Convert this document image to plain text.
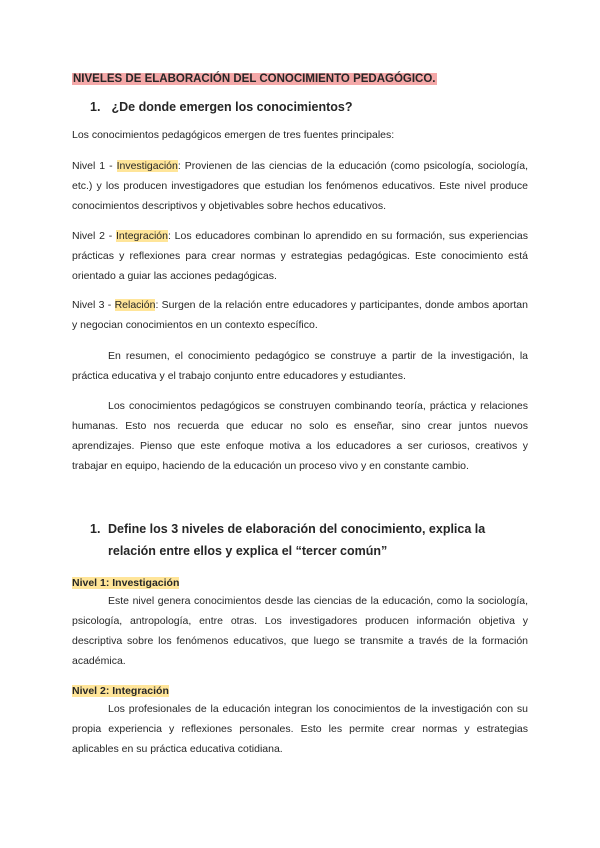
NIVELES DE ELABORACIÓN DEL CONOCIMIENTO PEDAGÓGICO.
1. ¿De donde emergen los conocimientos?
Los conocimientos pedagógicos emergen de tres fuentes principales:
Nivel 1 - Investigación: Provienen de las ciencias de la educación (como psicología, sociología, etc.) y los producen investigadores que estudian los fenómenos educativos. Este nivel produce conocimientos descriptivos y objetivables sobre hechos educativos.
Nivel 2 - Integración: Los educadores combinan lo aprendido en su formación, sus experiencias prácticas y reflexiones para crear normas y estrategias pedagógicas. Este conocimiento está orientado a guiar las acciones pedagógicas.
Nivel 3 - Relación: Surgen de la relación entre educadores y participantes, donde ambos aportan y negocian conocimientos en un contexto específico.
En resumen, el conocimiento pedagógico se construye a partir de la investigación, la práctica educativa y el trabajo conjunto entre educadores y estudiantes.
Los conocimientos pedagógicos se construyen combinando teoría, práctica y relaciones humanas. Esto nos recuerda que educar no solo es enseñar, sino crear juntos nuevos aprendizajes. Pienso que este enfoque motiva a los educadores a ser curiosos, creativos y trabajar en equipo, haciendo de la educación un proceso vivo y en constante cambio.
1. Define los 3 niveles de elaboración del conocimiento, explica la relación entre ellos y explica el “tercer común”
Nivel 1: Investigación
Este nivel genera conocimientos desde las ciencias de la educación, como la sociología, psicología, antropología, entre otras. Los investigadores producen información objetiva y descriptiva sobre los fenómenos educativos, que luego se transmite a través de la formación académica.
Nivel 2: Integración
Los profesionales de la educación integran los conocimientos de la investigación con su propia experiencia y reflexiones personales. Esto les permite crear normas y estrategias aplicables en su práctica educativa cotidiana.
